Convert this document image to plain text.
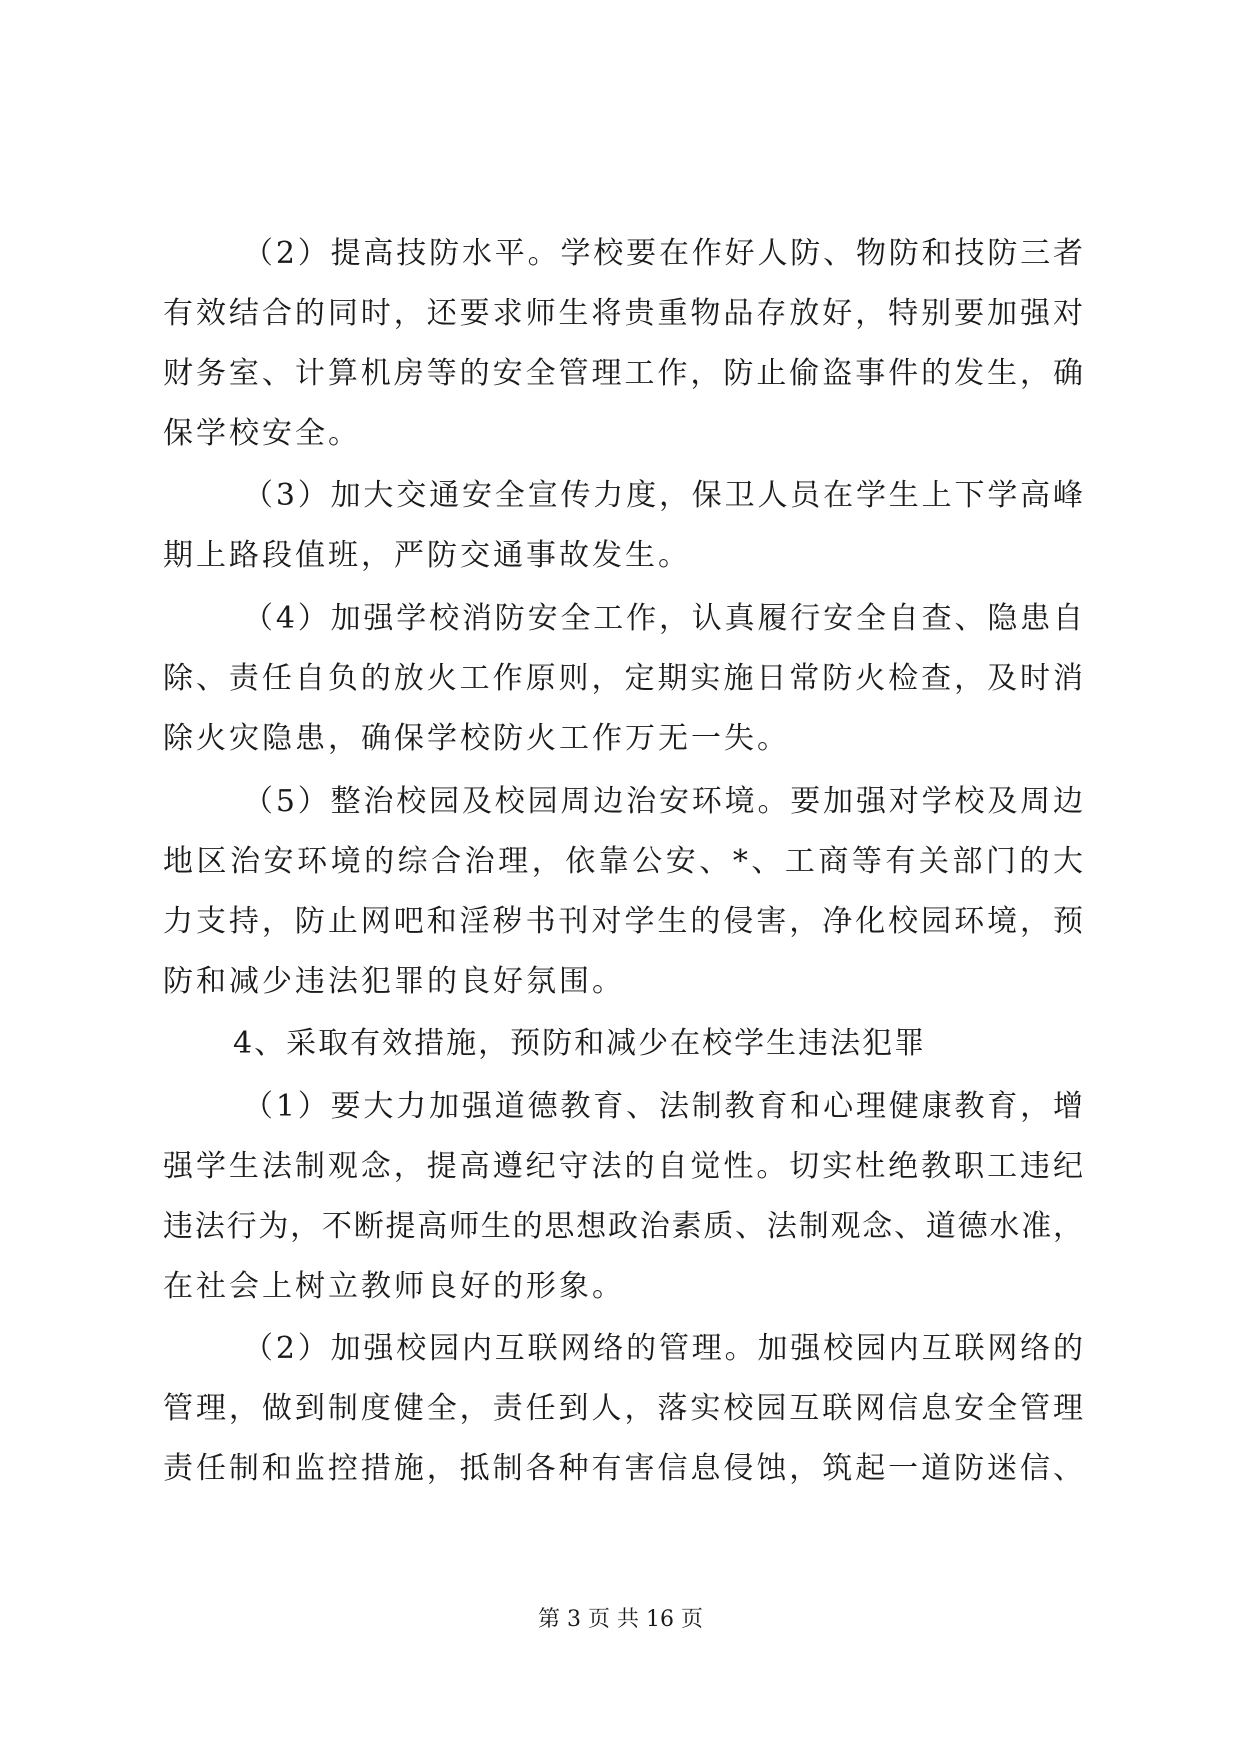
（2）提高技防水平。学校要在作好人防、物防和技防三者
有效结合的同时，还要求师生将贵重物品存放好，特别要加强对
财务室、计算机房等的安全管理工作，防止偷盗事件的发生，确
保学校安全。
（3）加大交通安全宣传力度，保卫人员在学生上下学高峰
期上路段值班，严防交通事故发生。
（4）加强学校消防安全工作，认真履行安全自查、隐患自
除、责任自负的放火工作原则，定期实施日常防火检查，及时消
除火灾隐患，确保学校防火工作万无一失。
（5）整治校园及校园周边治安环境。要加强对学校及周边
地区治安环境的综合治理，依靠公安、*、工商等有关部门的大
力支持，防止网吧和淫秽书刊对学生的侵害，净化校园环境，预
防和减少违法犯罪的良好氛围。
4、采取有效措施，预防和减少在校学生违法犯罪
（1）要大力加强道德教育、法制教育和心理健康教育，增
强学生法制观念，提高遵纪守法的自觉性。切实杜绝教职工违纪
违法行为，不断提高师生的思想政治素质、法制观念、道德水准，
在社会上树立教师良好的形象。
（2）加强校园内互联网络的管理。加强校园内互联网络的
管理，做到制度健全，责任到人，落实校园互联网信息安全管理
责任制和监控措施，抵制各种有害信息侵蚀，筑起一道防迷信、
第 3 页 共 16 页
